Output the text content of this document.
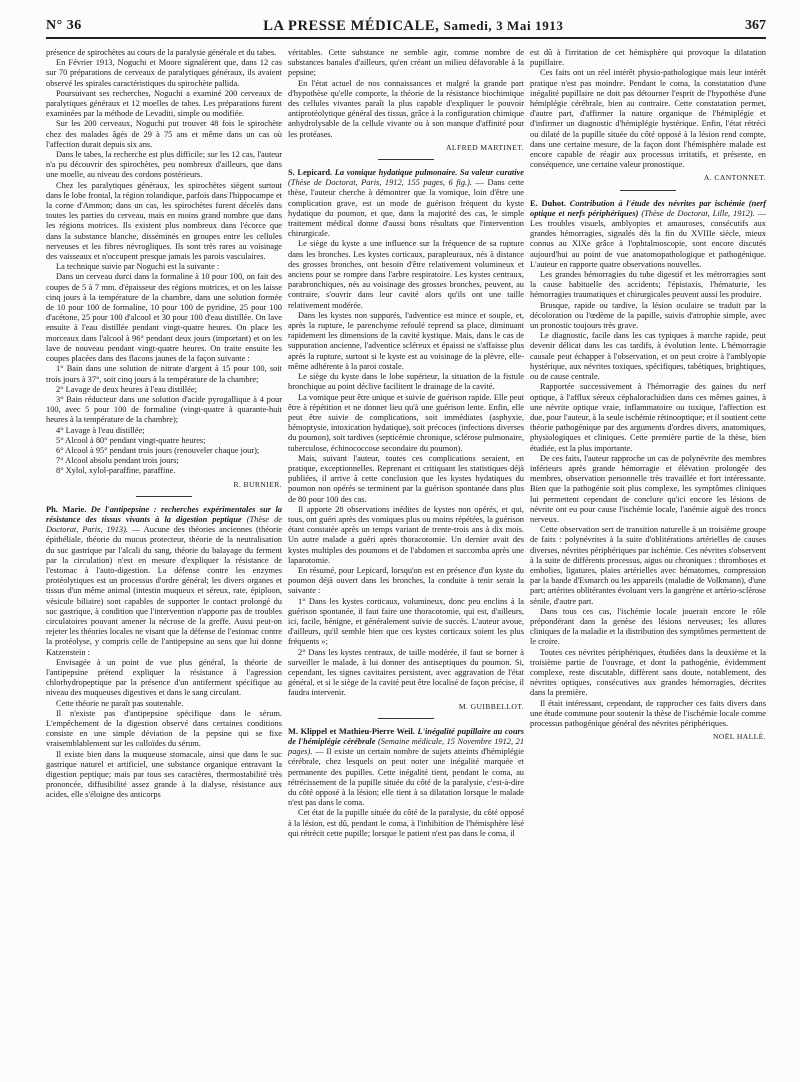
N° 36	LA PRESSE MÉDICALE, Samedi, 3 Mai 1913	367

présence de spirochètes au cours de la paralysie générale et du tabes.

En Février 1913, Noguchi et Moore signalèrent que, dans 12 cas sur 70 préparations de cerveaux de paralytiques généraux, ils avaient observé les spirales caractéristiques du spirochète pallida.

Poursuivant ses recherches, Noguchi a examiné 200 cerveaux de paralytiques généraux et 12 moelles de tabes. Les préparations furent examinées par la méthode de Levaditi, simple ou modifiée.

Sur les 200 cerveaux, Noguchi put trouver 48 fois le spirochète chez des malades âgés de 29 à 75 ans et même dans un cas où l'affection durait depuis six ans.

Dans le tabes, la recherche est plus difficile; sur les 12 cas, l'auteur n'a pu découvrir des spirochètes, peu nombreux d'ailleurs, que dans une moelle, au niveau des cordons postérieurs.

Chez les paralytiques généraux, les spirochètes siègent surtout dans le lobe frontal, la région rolandique, parfois dans l'hippocampe et la corne d'Ammon; dans un cas, les spirochètes furent décelés dans toutes les parties du cerveau, mais en moins grand nombre que dans les régions motrices. Ils existent plus nombreux dans l'écorce que dans la substance blanche, disséminés en groupes entre les cellules nerveuses et les fibres névrogliques. Ils sont très rares au voisinage des vaisseaux et n'occupent presque jamais les parois vasculaires.

La technique suivie par Noguchi est la suivante :

Dans un cerveau durci dans la formaline à 10 pour 100, on fait des coupes de 5 à 7 mm. d'épaisseur des régions motrices, et on les laisse cinq jours à la température de la chambre, dans une solution formée de 10 pour 100 de formaline, 10 pour 100 de pyridine, 25 pour 100 d'acétone, 25 pour 100 d'alcool et 30 pour 100 d'eau distillée. On lave ensuite à l'eau distillée pendant vingt-quatre heures. On place les morceaux dans l'alcool à 96° pendant deux jours (important) et on les lave de nouveau pendant vingt-quatre heures. On traite ensuite les coupes placées dans des flacons jaunes de la façon suivante :

1° Bain dans une solution de nitrate d'argent à 15 pour 100, soit trois jours à 37°, soit cinq jours à la température de la chambre;

2° Lavage de deux heures à l'eau distillée;

3° Bain réducteur dans une solution d'acide pyrogallique à 4 pour 100, avec 5 pour 100 de formaline (vingt-quatre à quarante-huit heures à la température de la chambre);

4° Lavage à l'eau distillée;

5° Alcool à 80° pendant vingt-quatre heures;

6° Alcool à 95° pendant trois jours (renouveler chaque jour);

7° Alcool absolu pendant trois jours;

8° Xylol, xylol-paraffine, paraffine.

R. BURNIER.

Ph. Marie. De l'antipepsine : recherches expérimentales sur la résistance des tissus vivants à la digestion peptique (Thèse de Doctorat, Paris, 1913). — Aucune des théories anciennes (théorie épithéliale, théorie du mucus protecteur, théorie de la neutralisation du suc gastrique par l'alcali du sang, théorie du balayage du ferment par la circulation) n'est en mesure d'expliquer la résistance de l'estomac à l'auto-digestion. La défense contre les enzymes protéolytiques est un processus d'ordre général; les divers organes et tissus d'un même animal (intestin muqueux et séreux, rate, épiploon, vésicule biliaire) sont capables de supporter le contact prolongé du suc gastrique, à condition que l'intervention n'apporte pas de troubles circulatoires pouvant amener la nécrose de la greffe. Aussi peut-on rejeter les théories locales ne visant que la défense de l'estomac contre la protéolyse, y compris celle de l'antipepsine au sens que lui donne Katzenstein :

Envisagée à un point de vue plus général, la théorie de l'antipepsine prétend expliquer la résistance à l'agression chlorhydropeptique par la présence d'un antiferment spécifique au niveau des muqueuses digestives et dans le sang circulant.

Cette théorie ne paraît pas soutenable.

Il n'existe pas d'antipepsine spécifique dans le sérum. L'empêchement de la digestion observé dans certaines conditions consiste en une simple déviation de la pepsine qui se fixe vraisemblablement sur les colloïdes du sérum.

Il existe bien dans la muqueuse stomacale, ainsi que dans le suc gastrique naturel et artificiel, une substance organique entravant la digestion peptique; mais par tous ses caractères, thermostabilité très prononcée, diffusibilité assez grande à la dialyse, résistance aux acides, elle s'éloigne des anticorps

véritables. Cette substance ne semble agir, comme nombre de substances banales d'ailleurs, qu'en créant un milieu défavorable à la pepsine;

En l'état actuel de nos connaissances et malgré la grande part d'hypothèse qu'elle comporte, la théorie de la résistance biochimique des cellules vivantes paraît la plus capable d'expliquer le pouvoir antiprotéolytique général des tissus, grâce à la configuration chimique anhydrolysable de la cellule vivante ou à son manque d'affinité pour les protéases.

ALFRED MARTINET.

S. Lepicard. La vomique hydatique pulmonaire. Sa valeur curative (Thèse de Doctorat, Paris, 1912, 155 pages, 6 fig.). — Dans cette thèse, l'auteur cherche à démontrer que la vomique, loin d'être une complication grave, est un mode de guérison fréquent du kyste hydatique du poumon, et que, dans la majorité des cas, le simple traitement médical donne d'aussi bons résultats que l'intervention chirurgicale.

Le siège du kyste a une influence sur la fréquence de sa rupture dans les bronches. Les kystes corticaux, parapleuraux, nés à distance des grosses bronches, ont besoin d'être relativement volumineux et anciens pour se rompre dans l'arbre respiratoire. Les kystes centraux, parabronchiques, nés au voisinage des grosses bronches, peuvent, au contraire, s'ouvrir dans leur cavité alors qu'ils ont une taille relativement modérée.

Dans les kystes non suppurés, l'adventice est mince et souple, et, après la rupture, le parenchyme refoulé reprend sa place, diminuant rapidement les dimensions de la cavité kystique. Mais, dans le cas de suppuration ancienne, l'adventice scléreux et épaissi ne s'affaisse plus après la rupture, surtout si le kyste est au voisinage de la plèvre, elle-même adhérente à la paroi costale.

Le siège du kyste dans le lobe supérieur, la situation de la fistule bronchique au point déclive facilitent le drainage de la cavité.

La vomique peut être unique et suivie de guérison rapide. Elle peut être à répétition et ne donner lieu qu'à une guérison lente. Enfin, elle peut être suivie de complications, soit immédiates (asphyxie, hémoptysie, intoxication hydatique), soit précoces (infections diverses du poumon), soit tardives (septicémie chronique, sclérose pulmonaire, tuberculose, échinococcose secondaire du poumon).

Mais, suivant l'auteur, toutes ces complications seraient, en pratique, exceptionnelles. Reprenant et critiquant les statistiques déjà publiées, il arrive à cette conclusion que les kystes hydatiques du poumon non opérés se terminent par la guérison spontanée dans plus de 80 pour 100 des cas.

Il apporte 28 observations inédites de kystes non opérés, et qui, tous, ont guéri après des vomiques plus ou moins répétées, la guérison étant constatée après un temps variant de trente-trois ans à dix mois. Un autre malade a guéri après thoracotomie. Un dernier avait des kystes multiples des poumons et de l'abdomen et succomba après une laparotomie.

En résumé, pour Lepicard, lorsqu'on est en présence d'un kyste du poumon déjà ouvert dans les bronches, la conduite à tenir serait la suivante :

1° Dans les kystes corticaux, volumineux, donc peu enclins à la guérison spontanée, il faut faire une thoracotomie, qui est, d'ailleurs, ici, facile, bénigne, et généralement suivie de succès. L'auteur avoue, d'ailleurs, qu'il semble bien que ces kystes corticaux soient les plus fréquents »;

2° Dans les kystes centraux, de taille modérée, il faut se borner à surveiller le malade, à lui donner des antiseptiques du poumon. Si, cependant, les signes cavitaires persistent, avec aggravation de l'état général, et si le siège de la cavité peut être localisé de façon précise, il faudra intervenir.

M. GUIBBELLOT.

M. Klippel et Mathieu-Pierre Weil. L'inégalité pupillaire au cours de l'hémiplégie cérébrale (Semaine médicale, 15 Novembre 1912, 21 pages). — Il existe un certain nombre de sujets atteints d'hémiplégie cérébrale, chez lesquels on peut noter une inégalité marquée et permanente des pupilles. Cette inégalité tient, pendant le coma, au rétrécissement de la pupille située du côté de la paralysie, c'est-à-dire du côté opposé à la lésion; elle tient à sa dilatation lorsque le malade n'est pas dans le coma.

Cet état de la pupille située du côté de la paralysie, du côté opposé à la lésion, est dû, pendant le coma, à l'inhibition de l'hémisphère lésé qui rétrécit cette pupille; lorsque le patient n'est pas dans le coma, il

est dû à l'irritation de cet hémisphère qui provoque la dilatation pupillaire.

Ces faits ont un réel intérêt physio-pathologique mais leur intérêt pratique n'est pas moindre. Pendant le coma, la constatation d'une inégalité pupillaire ne doit pas détourner l'esprit de l'hypothèse d'une hémiplégie cérébrale, bien au contraire. Cette constatation permet, d'autre part, d'affirmer la nature organique de l'hémiplégie et d'infirmer un diagnostic d'hémiplégie hystérique. Enfin, l'état rétréci ou dilaté de la pupille située du côté opposé à la lésion rend compte, dans une certaine mesure, de la façon dont l'hémisphère malade est encore capable de réagir aux processus irritatifs, et présente, en conséquence, une certaine valeur pronostique.

A. CANTONNET.

E. Duhot. Contribution à l'étude des névrites par ischémie (nerf optique et nerfs périphériques) (Thèse de Doctorat, Lille, 1912). — Les troubles visuels, amblyopies et amauroses, consécutifs aux grandes hémorragies, signalés dès la fin du XVIIIe siècle, mieux connus au XIXe grâce à l'ophtalmoscopie, sont encore discutés aujourd'hui au point de vue anatomopathologique et pathogénique. L'auteur en rapporte quatre observations nouvelles.

Les grandes hémorragies du tube digestif et les métrorragies sont la cause habituelle des accidents; l'épistaxis, l'hématurie, les hémorragies traumatiques et chirurgicales peuvent aussi les produire.

Brusque, rapide ou tardive, la lésion oculaire se traduit par la décoloration ou l'œdème de la papille, suivis d'atrophie simple, avec un pronostic toujours très grave.

Le diagnostic, facile dans les cas typiques à marche rapide, peut devenir délicat dans les cas tardifs, à évolution lente. L'hémorragie causale peut échapper à l'observation, et on peut croire à l'amblyopie hystérique, aux névrites toxiques, spécifiques, tabétiques, brightiques, ou de cause centrale.

Rapportée successivement à l'hémorragie des gaines du nerf optique, à l'afflux séreux céphalorachidien dans ces mêmes gaines, à une névrite optique vraie, inflammatoire ou toxique, l'affection est due, pour l'auteur, à la seule ischémie rétinooptique; et il soutient cette théorie pathogénique par des arguments d'ordres divers, anatomiques, physiologiques et cliniques. Cette première partie de la thèse, bien étudiée, est la plus importante.

De ces faits, l'auteur rapproche un cas de polynévrite des membres inférieurs après grande hémorragie et élévation prolongée des membres, observation personnelle très travaillée et fort intéressante. Bien que la pathogénie soit plus complexe, les symptômes cliniques lui permettent cependant de conclure qu'ici encore les lésions de névrite ont eu pour cause l'ischémie locale, l'anémie aiguë des troncs nerveux.

Cette observation sert de transition naturelle à un troisième groupe de faits : polynévrites à la suite d'oblitérations artérielles de causes diverses, névrites périphériques par ischémie. Ces névrites s'observent à la suite de différents processus, aigus ou chroniques : thromboses et embolies, ligatures, plaies artérielles avec hématomes, compression par la bande d'Esmarch ou les appareils (maladie de Volkmann), d'une part; artérites oblitérantes évoluant vers la gangrène et artério-sclérose sénile, d'autre part.

Dans tous ces cas, l'ischémie locale jouerait encore le rôle prépondérant dans la genèse des lésions nerveuses; les allures cliniques de la maladie et la distribution des symptômes permettent de le croire.

Toutes ces névrites périphériques, étudiées dans la deuxième et la troisième partie de l'ouvrage, et dont la pathogénie, évidemment complexe, reste discutable, diffèrent sans doute, notablement, des névrites optiques, consécutives aux grandes hémorragies, décrites dans la première.

Il était intéressant, cependant, de rapprocher ces faits divers dans une étude commune pour soutenir la thèse de l'ischémie locale comme processus pathogénique général des névrites périphériques.

NOËL HALLÉ.
